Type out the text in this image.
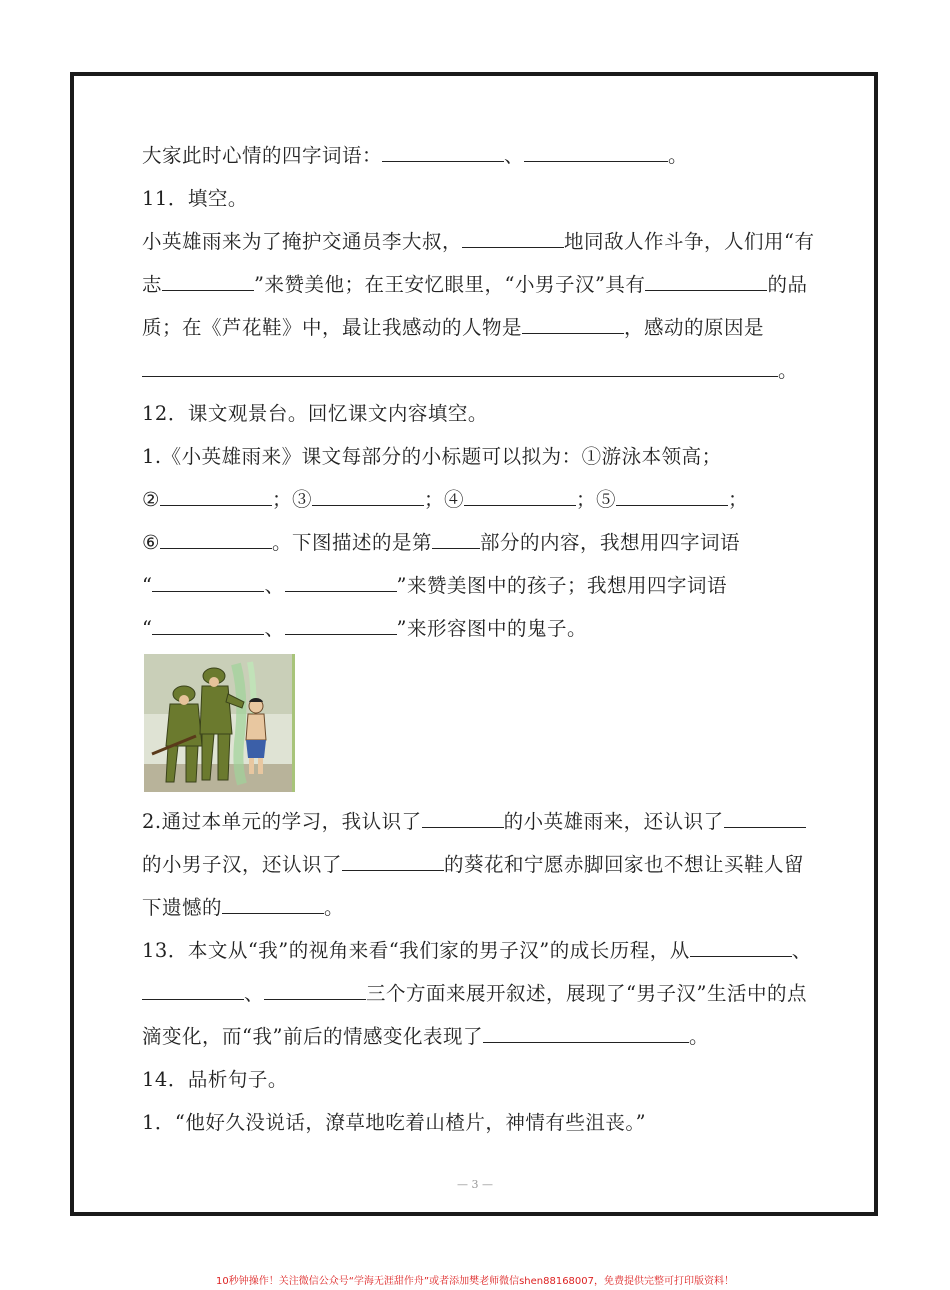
大家此时心情的四字词语：	、	。
11．填空。
小英雄雨来为了掩护交通员李大叔，	地同敌人作斗争，人们用“有
志	”来赞美他；在王安忆眼里，“小男子汉”具有	的品
质；在《芦花鞋》中，最让我感动的人物是	，感动的原因是
。
12．课文观景台。回忆课文内容填空。
1.《小英雄雨来》课文每部分的小标题可以拟为：①游泳本领高；
②	；③	；④	；⑤	；
⑥	。下图描述的是第 部分的内容，我想用四字词语
“	、	”来赞美图中的孩子；我想用四字词语
“	、	”来形容图中的鬼子。
2.通过本单元的学习，我认识了	的小英雄雨来，还认识了
的小男子汉，还认识了	的葵花和宁愿赤脚回家也不想让买鞋人留
下遗憾的	。
13．本文从“我”的视角来看“我们家的男子汉”的成长历程，从	、
、	三个方面来展开叙述，展现了“男子汉”生活中的点
滴变化，而“我”前后的情感变化表现了	。
14．品析句子。
1．“他好久没说话，潦草地吃着山楂片，神情有些沮丧。”
— 3 —
10秒钟操作！关注微信公众号“学海无涯甜作舟”或者添加樊老师微信shen88168007，免费提供完整可打印版资料！
